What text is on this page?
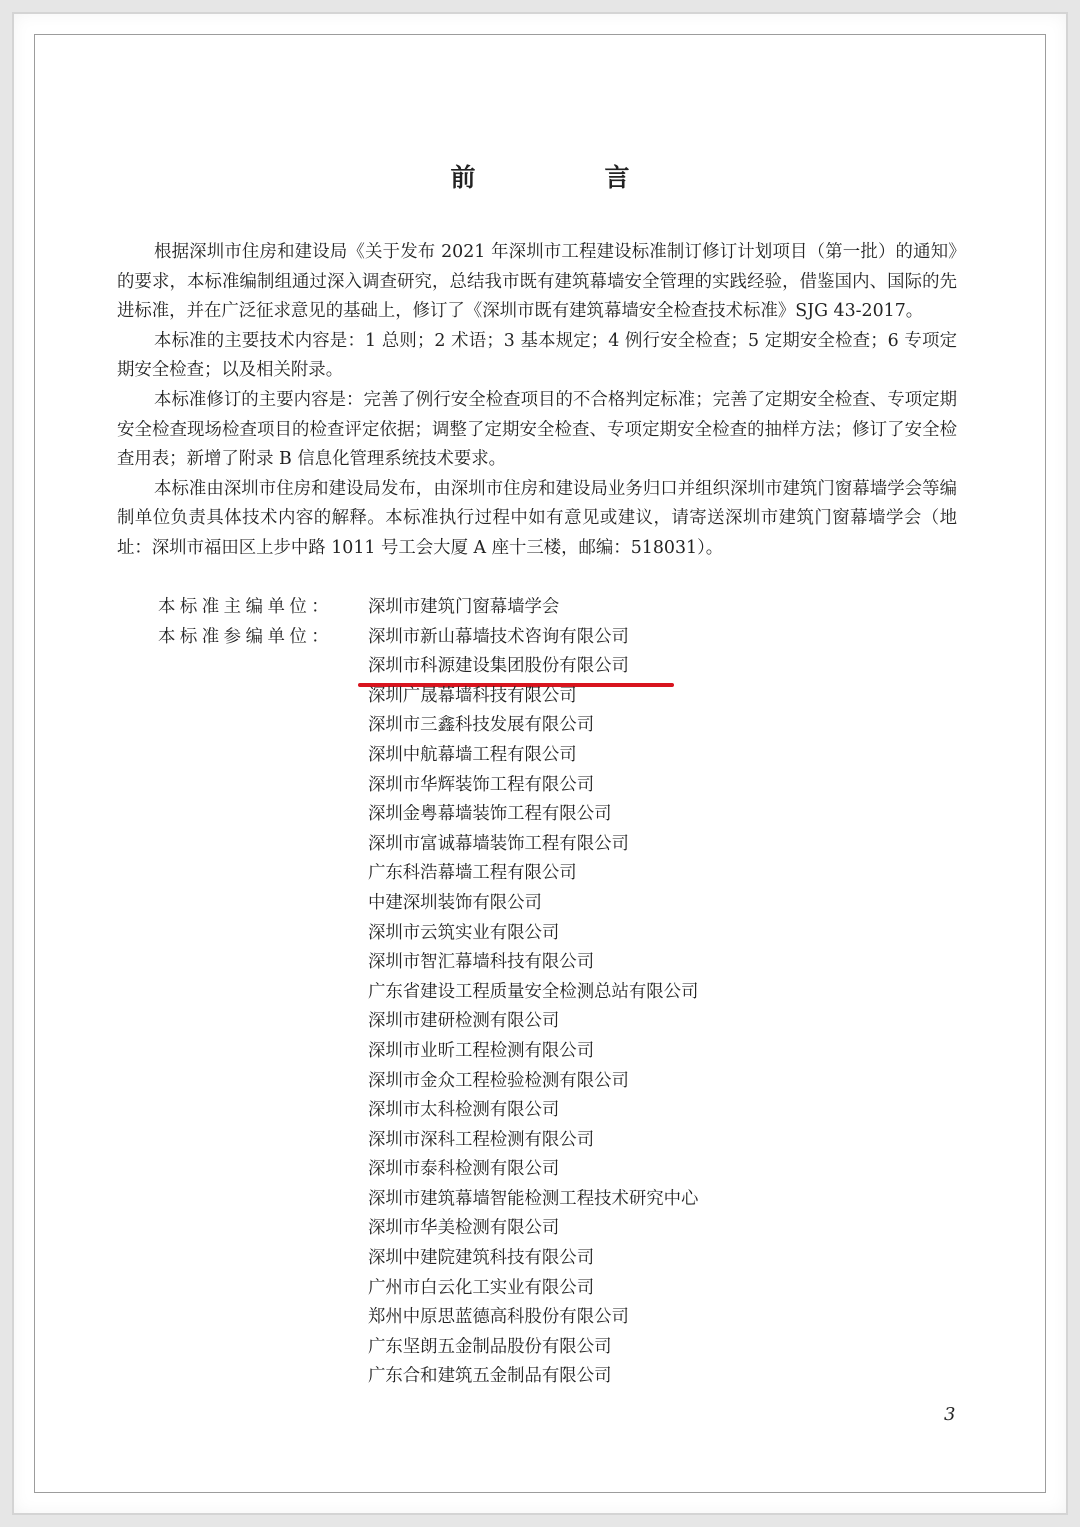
前　言

根据深圳市住房和建设局《关于发布 2021 年深圳市工程建设标准制订修订计划项目（第一批）的通知》的要求，本标准编制组通过深入调查研究，总结我市既有建筑幕墙安全管理的实践经验，借鉴国内、国际的先进标准，并在广泛征求意见的基础上，修订了《深圳市既有建筑幕墙安全检查技术标准》SJG 43-2017。

本标准的主要技术内容是：1 总则；2 术语；3 基本规定；4 例行安全检查；5 定期安全检查；6 专项定期安全检查；以及相关附录。

本标准修订的主要内容是：完善了例行安全检查项目的不合格判定标准；完善了定期安全检查、专项定期安全检查现场检查项目的检查评定依据；调整了定期安全检查、专项定期安全检查的抽样方法；修订了安全检查用表；新增了附录 B 信息化管理系统技术要求。

本标准由深圳市住房和建设局发布，由深圳市住房和建设局业务归口并组织深圳市建筑门窗幕墙学会等编制单位负责具体技术内容的解释。本标准执行过程中如有意见或建议，请寄送深圳市建筑门窗幕墙学会（地址：深圳市福田区上步中路 1011 号工会大厦 A 座十三楼，邮编：518031）。

本标准主编单位：	深圳市建筑门窗幕墙学会
本标准参编单位：	深圳市新山幕墙技术咨询有限公司
深圳市科源建设集团股份有限公司
深圳广晟幕墙科技有限公司
深圳市三鑫科技发展有限公司
深圳中航幕墙工程有限公司
深圳市华辉装饰工程有限公司
深圳金粤幕墙装饰工程有限公司
深圳市富诚幕墙装饰工程有限公司
广东科浩幕墙工程有限公司
中建深圳装饰有限公司
深圳市云筑实业有限公司
深圳市智汇幕墙科技有限公司
广东省建设工程质量安全检测总站有限公司
深圳市建研检测有限公司
深圳市业昕工程检测有限公司
深圳市金众工程检验检测有限公司
深圳市太科检测有限公司
深圳市深科工程检测有限公司
深圳市泰科检测有限公司
深圳市建筑幕墙智能检测工程技术研究中心
深圳市华美检测有限公司
深圳中建院建筑科技有限公司
广州市白云化工实业有限公司
郑州中原思蓝德高科股份有限公司
广东坚朗五金制品股份有限公司
广东合和建筑五金制品有限公司
3
